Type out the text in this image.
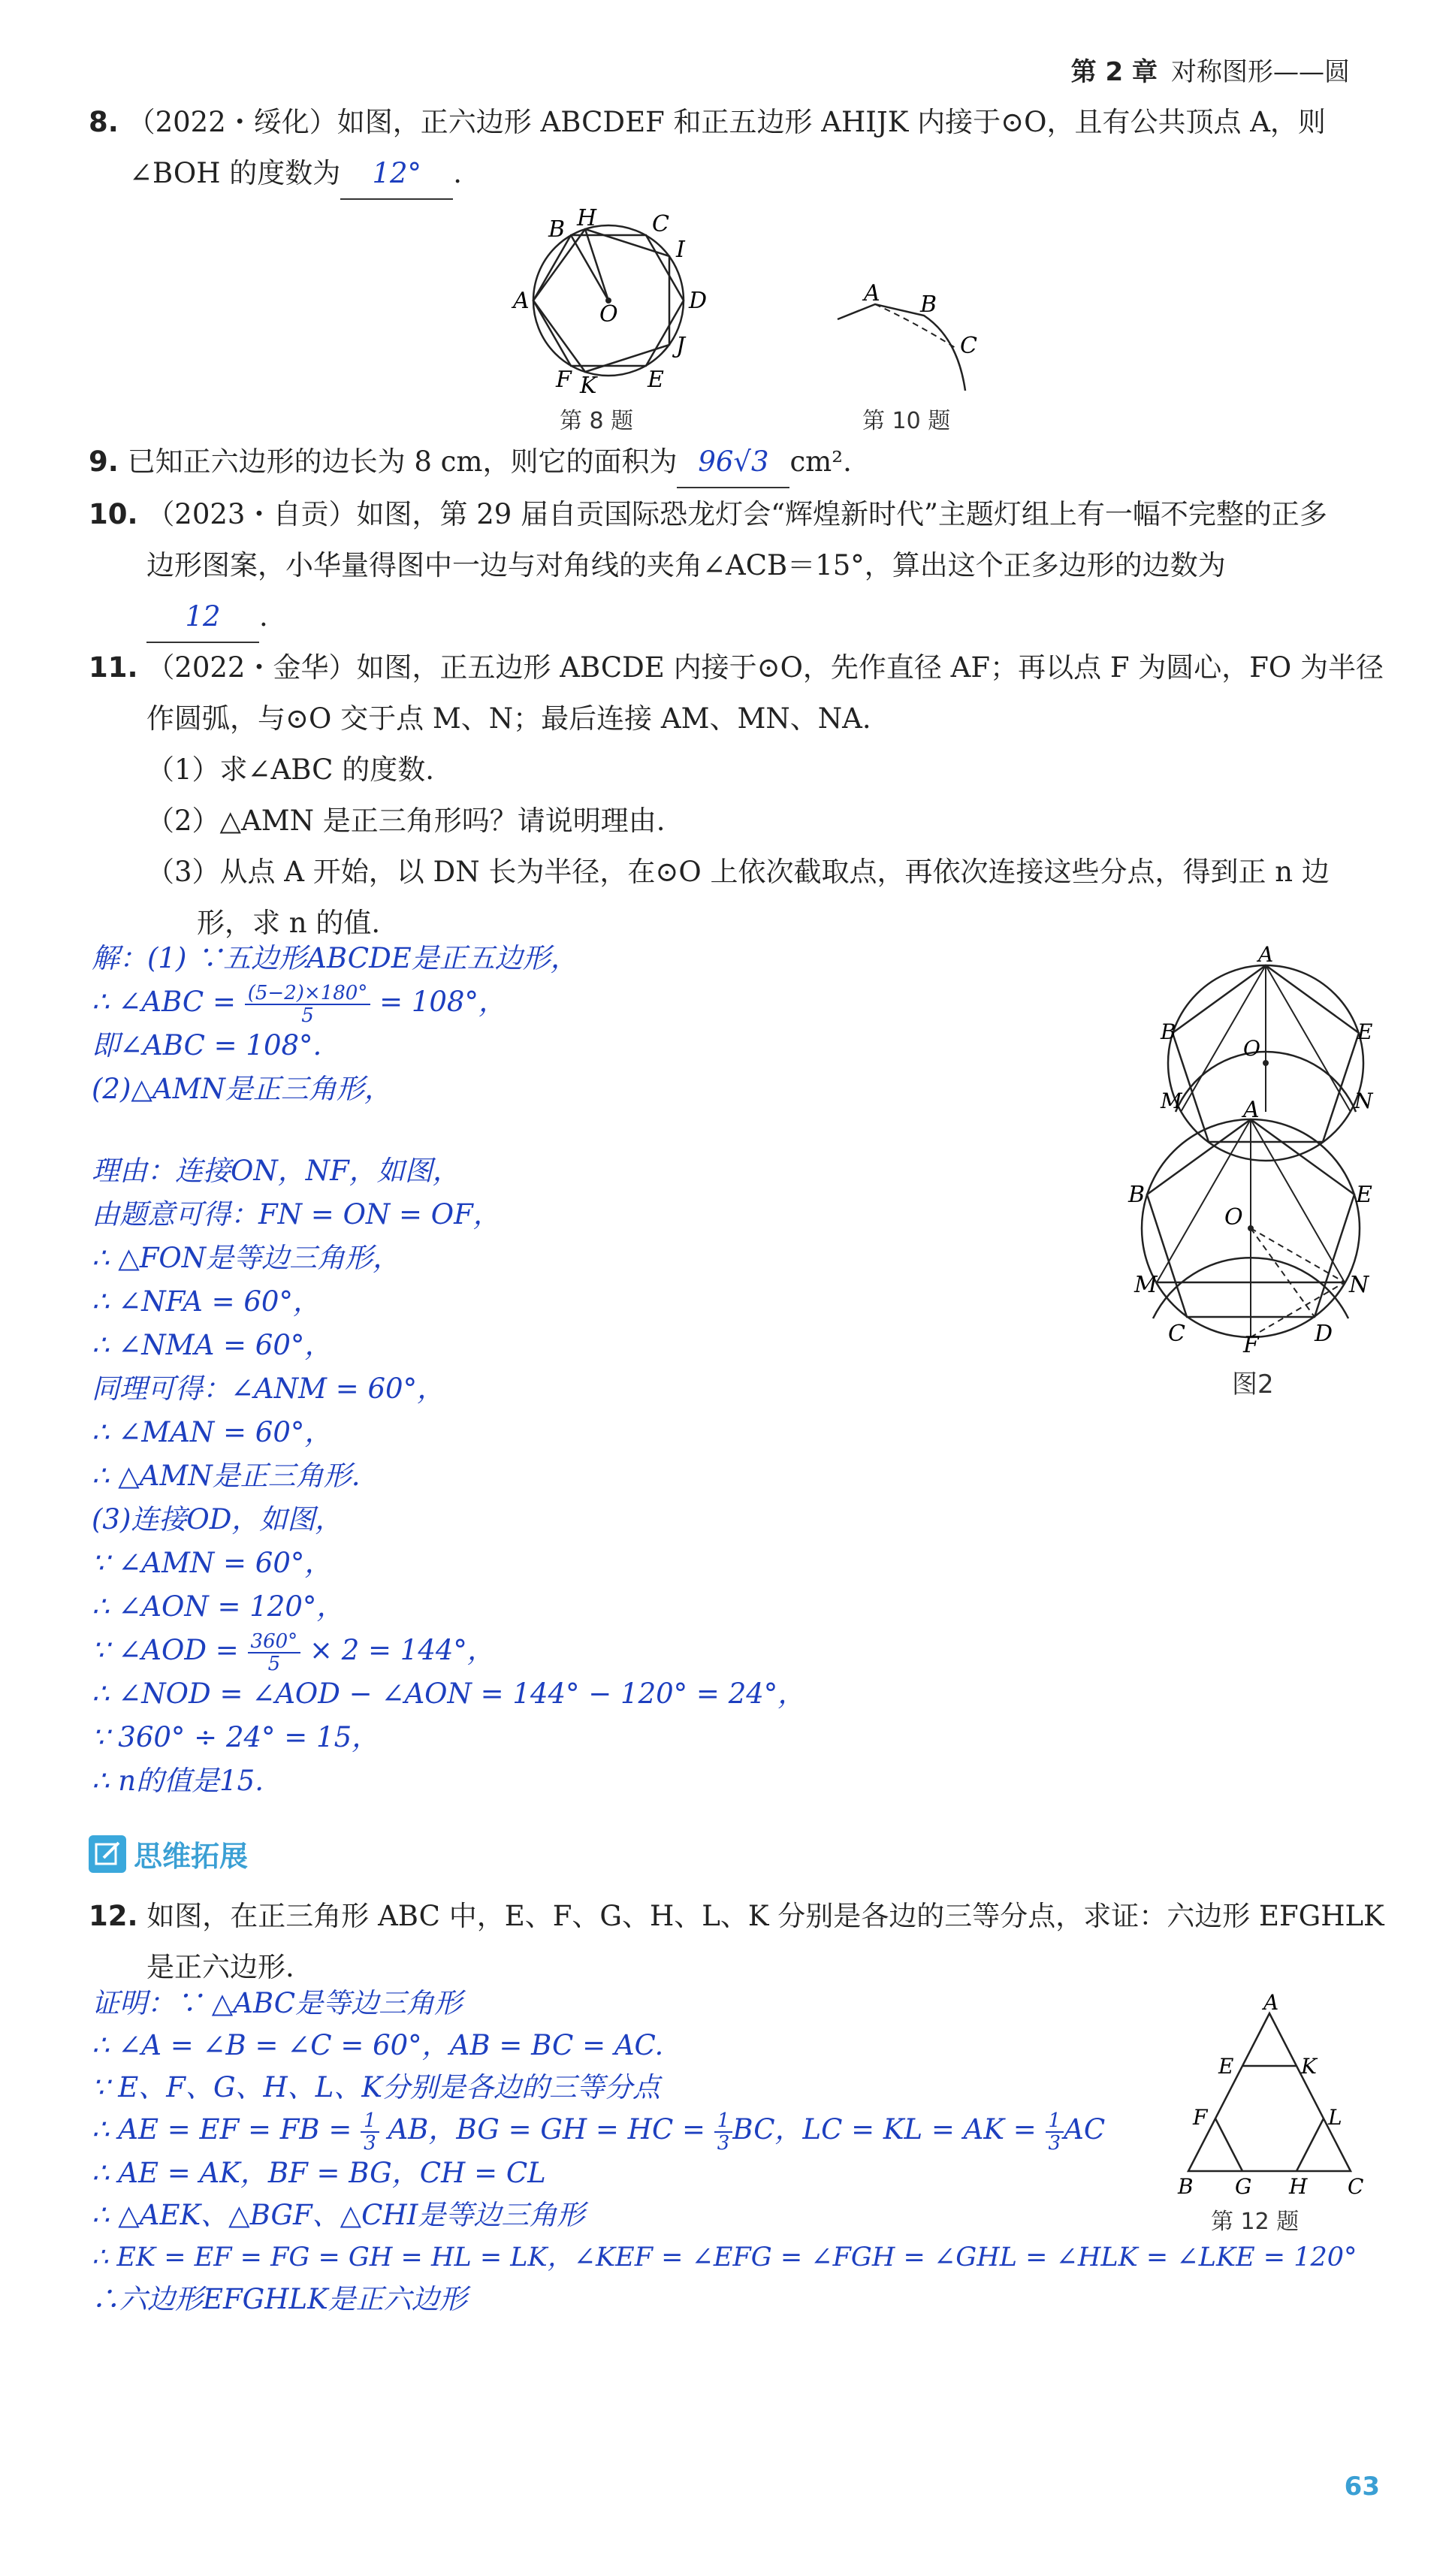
第 2 章 对称图形——圆
8. （2022・绥化）如图，正六边形 ABCDEF 和正五边形 AHIJK 内接于⊙O，且有公共顶点 A，则
∠BOH 的度数为 12° .
B H C
I
A
O
D
J
F K E
第 8 题
A B
C
第 10 题
9. 已知正六边形的边长为 8 cm，则它的面积为 96√3 cm².
10. （2023・自贡）如图，第 29 届自贡国际恐龙灯会“辉煌新时代”主题灯组上有一幅不完整的正多
边形图案，小华量得图中一边与对角线的夹角∠ACB＝15°，算出这个正多边形的边数为
12 .
11. （2022・金华）如图，正五边形 ABCDE 内接于⊙O，先作直径 AF；再以点 F 为圆心，FO 为半径
作圆弧，与⊙O 交于点 M、N；最后连接 AM、MN、NA.
（1）求∠ABC 的度数.
（2）△AMN 是正三角形吗？请说明理由.
（3）从点 A 开始，以 DN 长为半径，在⊙O 上依次截取点，再依次连接这些分点，得到正 n 边
形，求 n 的值.
解：(1) ∵五边形ABCDE是正五边形，
∴ ∠ABC = $\frac{(5-2)\times 180^\circ}{5} = 108^\circ$，
即∠ABC = 108°.
(2)△AMN是正三角形，
理由：连接ON，NF，如图，
由题意可得：FN = ON = OF，
∴ △FON是等边三角形，
∴ ∠NFA = 60°，
∴ ∠NMA = 60°，
同理可得：∠ANM = 60°，
∴ ∠MAN = 60°，
∴ △AMN是正三角形.
(3)连接OD，如图，
∵ ∠AMN = 60°，
∴ ∠AON = 120°，
∵ ∠AOD = $\frac{360^\circ}{5} \times 2 = 144^\circ$，
∴ ∠NOD = ∠AOD − ∠AON = 144° − 120° = 24°，
∵ 360° ÷ 24° = 15，
∴ n的值是15.
A
B
O
E
M	N
A
B
O
E
M	N
C	F D
图2
思维拓展
12. 如图，在正三角形 ABC 中，E、F、G、H、L、K 分别是各边的三等分点，求证：六边形 EFGHLK
是正六边形.
证明：∵ △ABC是等边三角形
∴ ∠A = ∠B = ∠C = 60°，AB = BC = AC.
∵ E、F、G、H、L、K分别是各边的三等分点
∴ AE = EF = FB = $\frac{1}{3}$ AB，BG = GH = HC = $\frac{1}{3}$ BC，LC = KL = AK = $\frac{1}{3}$ AC
∴ AE = AK，BF = BG，CH = CL
∴ △AEK、△BGF、△CHI是等边三角形
∴ EK = EF = FG = GH = HL = LK，∠KEF = ∠EFG = ∠FGH = ∠GHL = ∠HLK = ∠LKE = 120°
∴六边形EFGHLK是正六边形
A
E	K
F	L
B G H C
第 12 题
63
